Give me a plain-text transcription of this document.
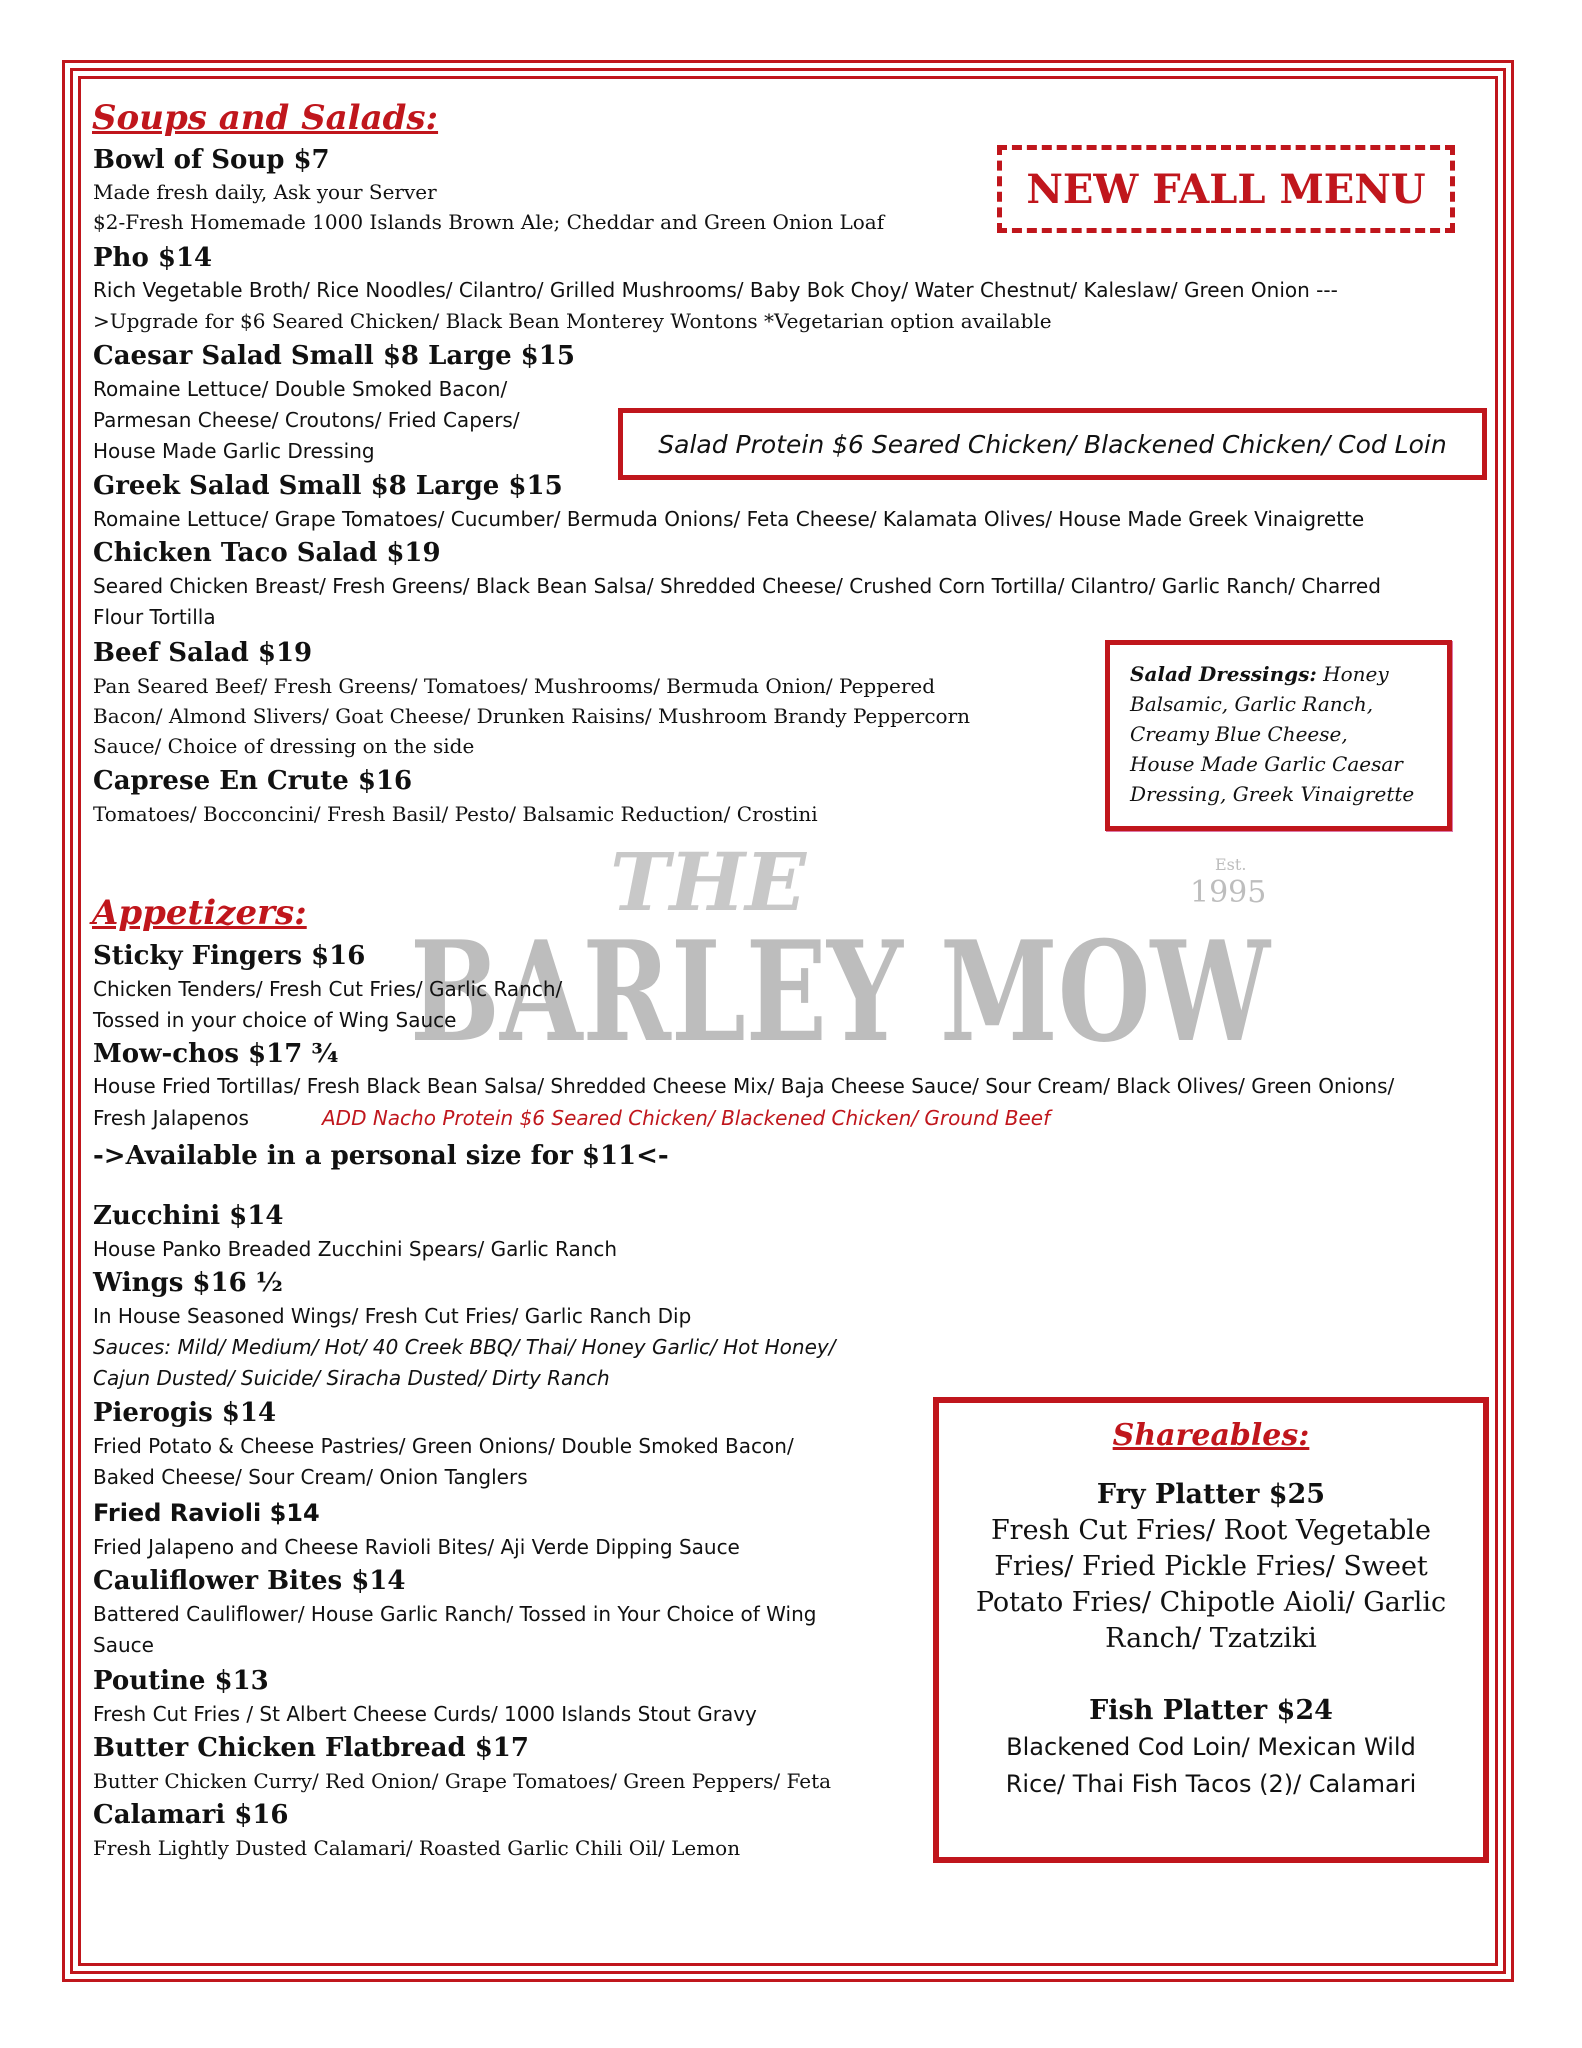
THE
BARLEY MOW
Est.
1995
Soups and Salads:
Bowl of Soup $7
Made fresh daily, Ask your Server
$2-Fresh Homemade 1000 Islands Brown Ale; Cheddar and Green Onion Loaf
NEW FALL MENU
Pho $14
Rich Vegetable Broth/ Rice Noodles/ Cilantro/ Grilled Mushrooms/ Baby Bok Choy/ Water Chestnut/ Kaleslaw/ Green Onion ---
>Upgrade for $6 Seared Chicken/ Black Bean Monterey Wontons *Vegetarian option available
Caesar Salad Small $8 Large $15
Romaine Lettuce/ Double Smoked Bacon/
Parmesan Cheese/ Croutons/ Fried Capers/
House Made Garlic Dressing	Salad Protein $6 Seared Chicken/ Blackened Chicken/ Cod Loin
Greek Salad Small $8 Large $15
Romaine Lettuce/ Grape Tomatoes/ Cucumber/ Bermuda Onions/ Feta Cheese/ Kalamata Olives/ House Made Greek Vinaigrette
Chicken Taco Salad $19
Seared Chicken Breast/ Fresh Greens/ Black Bean Salsa/ Shredded Cheese/ Crushed Corn Tortilla/ Cilantro/ Garlic Ranch/ Charred
Flour Tortilla
Beef Salad $19
Pan Seared Beef/ Fresh Greens/ Tomatoes/ Mushrooms/ Bermuda Onion/ Peppered
Bacon/ Almond Slivers/ Goat Cheese/ Drunken Raisins/ Mushroom Brandy Peppercorn
Sauce/ Choice of dressing on the side
Salad Dressings: Honey
Balsamic, Garlic Ranch,
Creamy Blue Cheese,
House Made Garlic Caesar
Dressing, Greek Vinaigrette
Caprese En Crute $16
Tomatoes/ Bocconcini/ Fresh Basil/ Pesto/ Balsamic Reduction/ Crostini
Appetizers:
Sticky Fingers $16
Chicken Tenders/ Fresh Cut Fries/ Garlic Ranch/
Tossed in your choice of Wing Sauce
Mow-chos $17 ¾
House Fried Tortillas/ Fresh Black Bean Salsa/ Shredded Cheese Mix/ Baja Cheese Sauce/ Sour Cream/ Black Olives/ Green Onions/
Fresh Jalapenos	ADD Nacho Protein $6 Seared Chicken/ Blackened Chicken/ Ground Beef
->Available in a personal size for $11<-
Zucchini $14
House Panko Breaded Zucchini Spears/ Garlic Ranch
Wings $16 ½
In House Seasoned Wings/ Fresh Cut Fries/ Garlic Ranch Dip
Sauces: Mild/ Medium/ Hot/ 40 Creek BBQ/ Thai/ Honey Garlic/ Hot Honey/
Cajun Dusted/ Suicide/ Siracha Dusted/ Dirty Ranch
Pierogis $14
Fried Potato & Cheese Pastries/ Green Onions/ Double Smoked Bacon/
Baked Cheese/ Sour Cream/ Onion Tanglers
Fried Ravioli $14
Fried Jalapeno and Cheese Ravioli Bites/ Aji Verde Dipping Sauce
Cauliflower Bites $14
Battered Cauliflower/ House Garlic Ranch/ Tossed in Your Choice of Wing
Sauce
Poutine $13
Fresh Cut Fries / St Albert Cheese Curds/ 1000 Islands Stout Gravy
Butter Chicken Flatbread $17
Butter Chicken Curry/ Red Onion/ Grape Tomatoes/ Green Peppers/ Feta
Calamari $16
Fresh Lightly Dusted Calamari/ Roasted Garlic Chili Oil/ Lemon
Shareables:
Fry Platter $25
Fresh Cut Fries/ Root Vegetable
Fries/ Fried Pickle Fries/ Sweet
Potato Fries/ Chipotle Aioli/ Garlic
Ranch/ Tzatziki
Fish Platter $24
Blackened Cod Loin/ Mexican Wild
Rice/ Thai Fish Tacos (2)/ Calamari
